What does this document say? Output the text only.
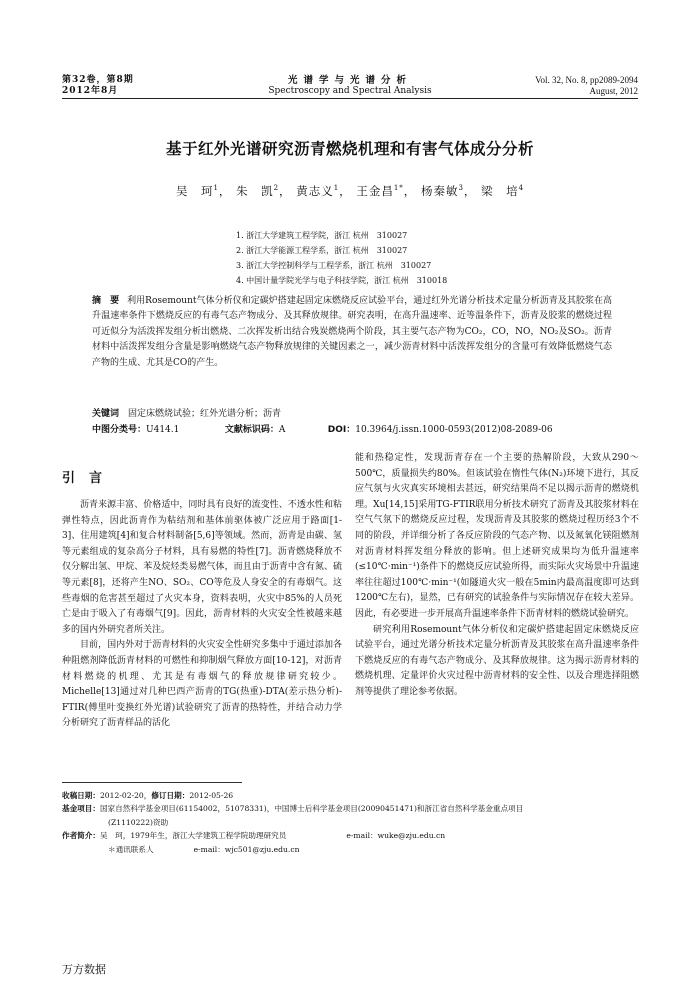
第32卷，第8期
2012年8月
光谱学与光谱分析
Spectroscopy and Spectral Analysis
Vol. 32, No. 8, pp2089-2094
August, 2012
基于红外光谱研究沥青燃烧机理和有害气体成分分析
吴　珂$^1$， 朱　凯$^2$， 黄志义$^1$， 王金昌$^{1*}$， 杨秦敏$^3$， 梁　培$^4$
1. 浙江大学建筑工程学院，浙江 杭州　310027
2. 浙江大学能源工程学系，浙江 杭州　310027
3. 浙江大学控制科学与工程学系，浙江 杭州　310027
4. 中国计量学院光学与电子科技学院，浙江 杭州　310018
摘　要 利用Rosemount气体分析仪和定碳炉搭建起固定床燃烧反应试验平台，通过红外光谱分析技术定量分析沥青及其胶浆在高升温速率条件下燃烧反应的有毒气态产物成分、及其释放规律。研究表明，在高升温速率、近等温条件下，沥青及胶浆的燃烧过程可近似分为活泼挥发组分析出燃烧、二次挥发析出结合残炭燃烧两个阶段，其主要气态产物为CO₂，CO，NO，NO₂及SO₂。沥青材料中活泼挥发组分含量是影响燃烧气态产物释放规律的关键因素之一，减少沥青材料中活泼挥发组分的含量可有效降低燃烧气态产物的生成、尤其是CO的产生。
关键词　 固定床燃烧试验；红外光谱分析；沥青
中图分类号：U414.1	文献标识码：A	DOI：10.3964/j.issn.1000-0593(2012)08-2089-06
引言

沥青来源丰富、价格适中，同时具有良好的流变性、不透水性和粘弹性特点，因此沥青作为粘结剂和基体前驱体被广泛应用于路面[1-3]、住用建筑[4]和复合材料制备[5,6]等领域。然而，沥青是由碳、氢等元素组成的复杂高分子材料，具有易燃的特性[7]。沥青燃烧释放不仅分解出氢、甲烷、苯及烷烃类易燃气体，而且由于沥青中含有氮、硫等元素[8]，还将产生NO、SO₂、CO等危及人身安全的有毒烟气。这些毒烟的危害甚至超过了火灾本身，资料表明，火灾中85%的人员死亡是由于吸入了有毒烟气[9]。因此，沥青材料的火灾安全性被越来越多的国内外研究者所关注。

目前，国内外对于沥青材料的火灾安全性研究多集中于通过添加各种阻燃剂降低沥青材料的可燃性和抑制烟气释放方面[10-12]，对沥青材料燃烧的机理、尤其是有毒烟气的释放规律研究较少。Michelle[13]通过对几种巴西产沥青的TG(热重)-DTA(差示热分析)-FTIR(傅里叶变换红外光谱)试验研究了沥青的热特性，并结合动力学分析研究了沥青样品的活化

能和热稳定性，发现沥青存在一个主要的热解阶段，大致从290～500℃，质量损失约80%。但该试验在惰性气体(N₂)环境下进行，其反应气氛与火灾真实环境相去甚远，研究结果尚不足以揭示沥青的燃烧机理。Xu[14,15]采用TG-FTIR联用分析技术研究了沥青及其胶浆材料在空气气氛下的燃烧反应过程，发现沥青及其胶浆的燃烧过程历经3个不同的阶段，并详细分析了各反应阶段的气态产物、以及氮氧化镁阻燃剂对沥青材料挥发组分释放的影响。但上述研究成果均为低升温速率(≤10℃·min⁻¹)条件下的燃烧反应试验所得，而实际火灾场景中升温速率往往超过100℃·min⁻¹(如隧道火灾一般在5min内最高温度即可达到1200℃左右)，显然，已有研究的试验条件与实际情况存在较大差异。因此，有必要进一步开展高升温速率条件下沥青材料的燃烧试验研究。

研究利用Rosemount气体分析仪和定碳炉搭建起固定床燃烧反应试验平台，通过光谱分析技术定量分析沥青及其胶浆在高升温速率条件下燃烧反应的有毒气态产物成分、及其释放规律。这为揭示沥青材料的燃烧机理、定量评价火灾过程中沥青材料的安全性、以及合理选择阻燃剂等提供了理论参考依据。

收稿日期：2012-02-20，修订日期：2012-05-26
基金项目：国家自然科学基金项目(61154002，51078331)，中国博士后科学基金项目(20090451471)和浙江省自然科学基金重点项目
(Z1110222)资助
作者简介：吴　珂，1979年生，浙江大学建筑工程学院助理研究员	e-mail：wuke@zju.edu.cn
＊通讯联系人	e-mail：wjc501@zju.edu.cn
万方数据
